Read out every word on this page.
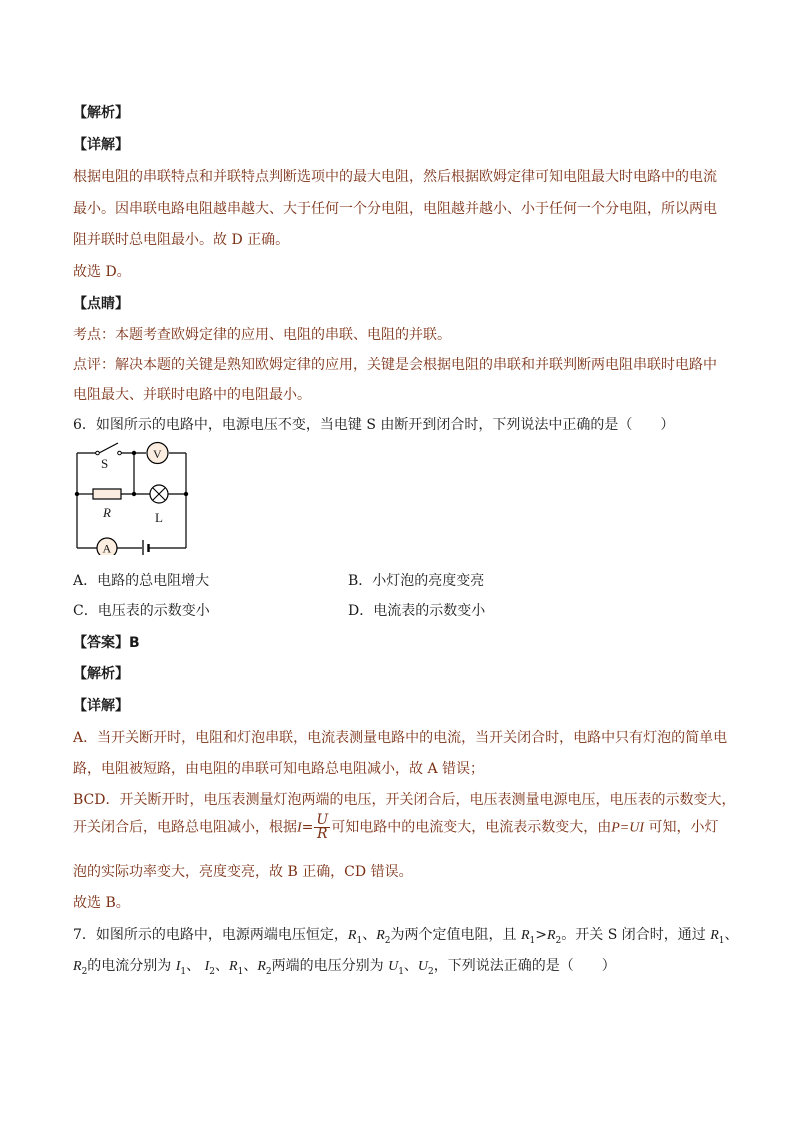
【解析】
【详解】
根据电阻的串联特点和并联特点判断选项中的最大电阻，然后根据欧姆定律可知电阻最大时电路中的电流
最小。因串联电路电阻越串越大、大于任何一个分电阻，电阻越并越小、小于任何一个分电阻，所以两电
阻并联时总电阻最小。故 D 正确。
故选 D。
【点睛】
考点：本题考查欧姆定律的应用、电阻的串联、电阻的并联。
点评：解决本题的关键是熟知欧姆定律的应用，关键是会根据电阻的串联和并联判断两电阻串联时电路中
电阻最大、并联时电路中的电阻最小。
6．如图所示的电路中，电源电压不变，当电键 S 由断开到闭合时，下列说法中正确的是（　　）
S
V
R	L
A
A．电路的总电阻增大	B．小灯泡的亮度变亮
C．电压表的示数变小	D．电流表的示数变小
【答案】B
【解析】
【详解】
A．当开关断开时，电阻和灯泡串联，电流表测量电路中的电流，当开关闭合时，电路中只有灯泡的简单电
路，电阻被短路，由电阻的串联可知电路总电阻减小，故 A 错误；
BCD．开关断开时，电压表测量灯泡两端的电压，开关闭合后，电压表测量电源电压，电压表的示数变大，
开关闭合后，电路总电阻减小，根据$I= \frac{U}{R}$ 可知电路中的电流变大，电流表示数变大，由P=UI 可知，小灯
泡的实际功率变大，亮度变亮，故 B 正确，CD 错误。
故选 B。
7．如图所示的电路中，电源两端电压恒定，$R_1$、$R_2$为两个定值电阻，且 $R_1>R_2$。开关 S 闭合时，通过 $R_1$、
$R_2$的电流分别为 $I_1$、 $I_2$、$R_1$、$R_2$两端的电压分别为 $U_1$、$U_2$，下列说法正确的是（　　）
